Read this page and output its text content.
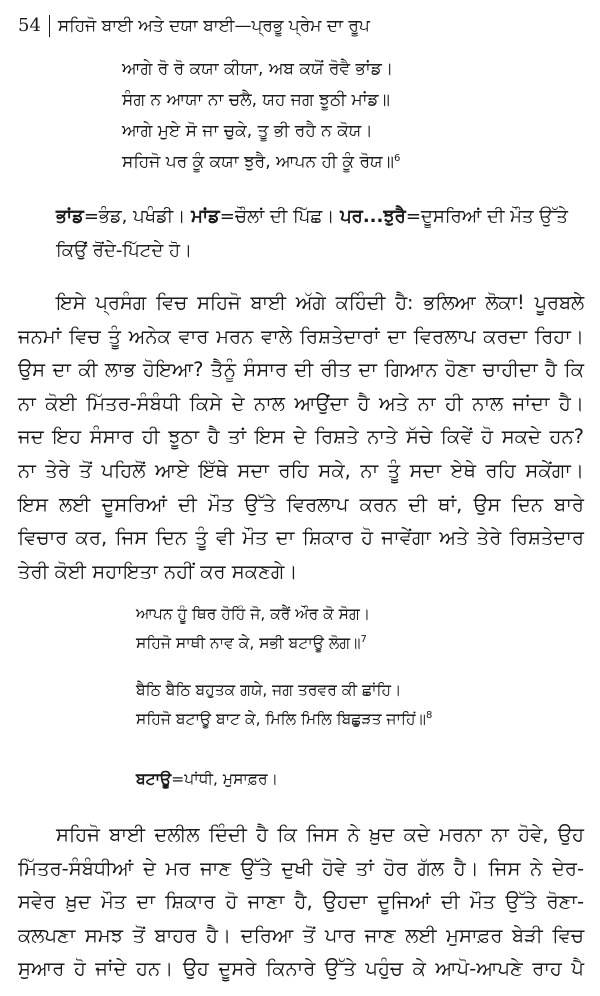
54	ਸਹਿਜੋ ਬਾਈ ਅਤੇ ਦਯਾ ਬਾਈ—ਪ੍ਰਭੂ ਪ੍ਰੇਮ ਦਾ ਰੂਪ
ਆਗੇ ਰੋ ਰੋ ਕਯਾ ਕੀਯਾ, ਅਬ ਕਯੋਂ ਰੋਵੈ ਭਾਂਡ।
ਸੰਗ ਨ ਆਯਾ ਨਾ ਚਲੈ, ਯਹ ਜਗ ਝੂਠੀ ਮਾਂਡ॥
ਆਗੇ ਮੁਏ ਸੋ ਜਾ ਚੁਕੇ, ਤੂ ਭੀ ਰਹੈ ਨ ਕੋਯ।
ਸਹਿਜੋ ਪਰ ਕੂੰ ਕਯਾ ਝੁਰੈ, ਆਪਨ ਹੀ ਕੂੰ ਰੋਯ॥$^6$
ਭਾਂਡ=ਭੰਡ, ਪਖੰਡੀ। ਮਾਂਡ=ਚੌਲਾਂ ਦੀ ਪਿੱਛ। ਪਰ...ਝੁਰੈ=ਦੂਸਰਿਆਂ ਦੀ ਮੌਤ ਉੱਤੇ
ਕਿਉਂ ਰੋਂਦੇ-ਪਿੱਟਦੇ ਹੋ।
ਇਸੇ ਪ੍ਰਸੰਗ ਵਿਚ ਸਹਿਜੋ ਬਾਈ ਅੱਗੇ ਕਹਿੰਦੀ ਹੈ: ਭਲਿਆ ਲੋਕਾ! ਪੂਰਬਲੇ
ਜਨਮਾਂ ਵਿਚ ਤੂੰ ਅਨੇਕ ਵਾਰ ਮਰਨ ਵਾਲੇ ਰਿਸ਼ਤੇਦਾਰਾਂ ਦਾ ਵਿਰਲਾਪ ਕਰਦਾ ਰਿਹਾ।
ਉਸ ਦਾ ਕੀ ਲਾਭ ਹੋਇਆ? ਤੈਨੂੰ ਸੰਸਾਰ ਦੀ ਰੀਤ ਦਾ ਗਿਆਨ ਹੋਣਾ ਚਾਹੀਦਾ ਹੈ ਕਿ
ਨਾ ਕੋਈ ਮਿੱਤਰ-ਸੰਬੰਧੀ ਕਿਸੇ ਦੇ ਨਾਲ ਆਉਂਦਾ ਹੈ ਅਤੇ ਨਾ ਹੀ ਨਾਲ ਜਾਂਦਾ ਹੈ।
ਜਦ ਇਹ ਸੰਸਾਰ ਹੀ ਝੂਠਾ ਹੈ ਤਾਂ ਇਸ ਦੇ ਰਿਸ਼ਤੇ ਨਾਤੇ ਸੱਚੇ ਕਿਵੇਂ ਹੋ ਸਕਦੇ ਹਨ?
ਨਾ ਤੇਰੇ ਤੋਂ ਪਹਿਲੋਂ ਆਏ ਇੱਥੇ ਸਦਾ ਰਹਿ ਸਕੇ, ਨਾ ਤੂੰ ਸਦਾ ਏਥੇ ਰਹਿ ਸਕੇਂਗਾ।
ਇਸ ਲਈ ਦੂਸਰਿਆਂ ਦੀ ਮੌਤ ਉੱਤੇ ਵਿਰਲਾਪ ਕਰਨ ਦੀ ਥਾਂ, ਉਸ ਦਿਨ ਬਾਰੇ
ਵਿਚਾਰ ਕਰ, ਜਿਸ ਦਿਨ ਤੂੰ ਵੀ ਮੌਤ ਦਾ ਸ਼ਿਕਾਰ ਹੋ ਜਾਵੇਂਗਾ ਅਤੇ ਤੇਰੇ ਰਿਸ਼ਤੇਦਾਰ
ਤੇਰੀ ਕੋਈ ਸਹਾਇਤਾ ਨਹੀਂ ਕਰ ਸਕਣਗੇ।
ਆਪਨ ਹੂੰ ਥਿਰ ਹੋਹਿੰ ਜੋ, ਕਰੈਂ ਔਰ ਕੋ ਸੋਗ।
ਸਹਿਜੋ ਸਾਥੀ ਨਾਵ ਕੇ, ਸਭੀ ਬਟਾਊ ਲੋਗ॥$^7$
ਬੈਠਿ ਬੈਠਿ ਬਹੁਤਕ ਗਯੇ, ਜਗ ਤਰਵਰ ਕੀ ਛਾਂਹਿ।
ਸਹਿਜੋ ਬਟਾਊ ਬਾਟ ਕੇ, ਮਿਲਿ ਮਿਲਿ ਬਿਛੁੜਤ ਜਾਹਿਂ॥$^8$
ਬਟਾਊ=ਪਾਂਧੀ, ਮੁਸਾਫ਼ਰ।
ਸਹਿਜੋ ਬਾਈ ਦਲੀਲ ਦਿੰਦੀ ਹੈ ਕਿ ਜਿਸ ਨੇ ਖ਼ੁਦ ਕਦੇ ਮਰਨਾ ਨਾ ਹੋਵੇ, ਉਹ
ਮਿੱਤਰ-ਸੰਬੰਧੀਆਂ ਦੇ ਮਰ ਜਾਣ ਉੱਤੇ ਦੁਖੀ ਹੋਵੇ ਤਾਂ ਹੋਰ ਗੱਲ ਹੈ। ਜਿਸ ਨੇ ਦੇਰ-
ਸਵੇਰ ਖ਼ੁਦ ਮੌਤ ਦਾ ਸ਼ਿਕਾਰ ਹੋ ਜਾਣਾ ਹੈ, ਉਹਦਾ ਦੂਜਿਆਂ ਦੀ ਮੌਤ ਉੱਤੇ ਰੋਣਾ-
ਕਲਪਣਾ ਸਮਝ ਤੋਂ ਬਾਹਰ ਹੈ। ਦਰਿਆ ਤੋਂ ਪਾਰ ਜਾਣ ਲਈ ਮੁਸਾਫ਼ਰ ਬੇੜੀ ਵਿਚ
ਸੁਆਰ ਹੋ ਜਾਂਦੇ ਹਨ। ਉਹ ਦੂਸਰੇ ਕਿਨਾਰੇ ਉੱਤੇ ਪਹੁੰਚ ਕੇ ਆਪੋ-ਆਪਣੇ ਰਾਹ ਪੈ
